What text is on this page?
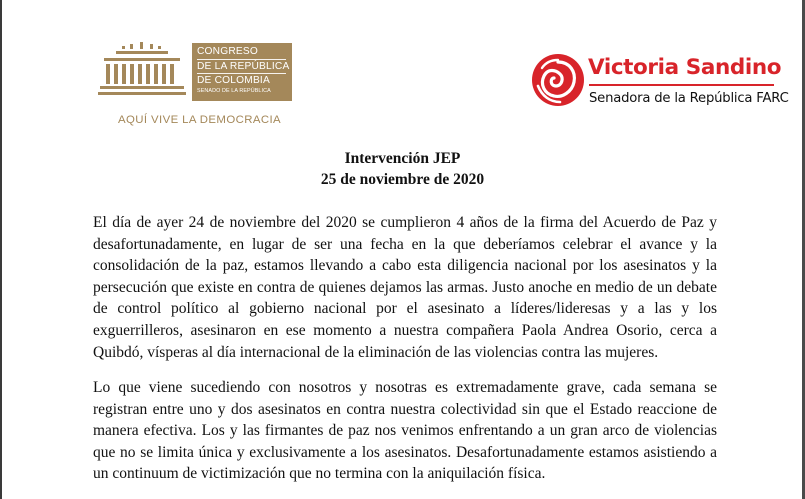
CONGRESO
DE LA REPÚBLICA
DE COLOMBIA
SENADO DE LA REPÚBLICA
AQUÍ VIVE LA DEMOCRACIA
Victoria Sandino
Senadora de la República FARC
Intervención JEP
25 de noviembre de 2020

El día de ayer 24 de noviembre del 2020 se cumplieron 4 años de la firma del Acuerdo de Paz y desafortunadamente, en lugar de ser una fecha en la que deberíamos celebrar el avance y la consolidación de la paz, estamos llevando a cabo esta diligencia nacional por los asesinatos y la persecución que existe en contra de quienes dejamos las armas. Justo anoche en medio de un debate de control político al gobierno nacional por el asesinato a líderes/lideresas y a las y los exguerrilleros, asesinaron en ese momento a nuestra compañera Paola Andrea Osorio, cerca a Quibdó, vísperas al día internacional de la eliminación de las violencias contra las mujeres.

Lo que viene sucediendo con nosotros y nosotras es extremadamente grave, cada semana se registran entre uno y dos asesinatos en contra nuestra colectividad sin que el Estado reaccione de manera efectiva. Los y las firmantes de paz nos venimos enfrentando a un gran arco de violencias que no se limita única y exclusivamente a los asesinatos. Desafortunadamente estamos asistiendo a un continuum de victimización que no termina con la aniquilación física.
